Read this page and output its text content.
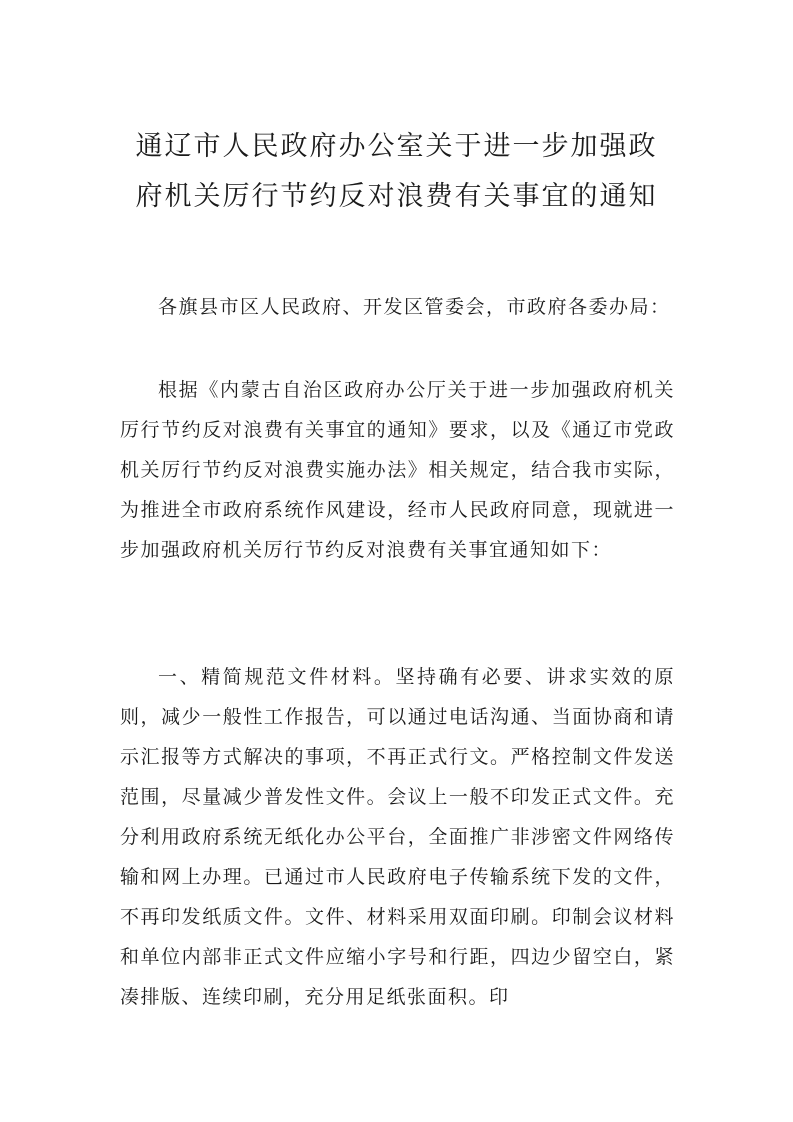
通辽市人民政府办公室关于进一步加强政
府机关厉行节约反对浪费有关事宜的通知

各旗县市区人民政府、开发区管委会，市政府各委办局：

根据《内蒙古自治区政府办公厅关于进一步加强政府机关厉行节约反对浪费有关事宜的通知》要求，以及《通辽市党政机关厉行节约反对浪费实施办法》相关规定，结合我市实际，为推进全市政府系统作风建设，经市人民政府同意，现就进一步加强政府机关厉行节约反对浪费有关事宜通知如下：

一、精简规范文件材料。坚持确有必要、讲求实效的原则，减少一般性工作报告，可以通过电话沟通、当面协商和请示汇报等方式解决的事项，不再正式行文。严格控制文件发送范围，尽量减少普发性文件。会议上一般不印发正式文件。充分利用政府系统无纸化办公平台，全面推广非涉密文件网络传输和网上办理。已通过市人民政府电子传输系统下发的文件，不再印发纸质文件。文件、材料采用双面印刷。印制会议材料和单位内部非正式文件应缩小字号和行距，四边少留空白，紧凑排版、连续印刷，充分用足纸张面积。印
